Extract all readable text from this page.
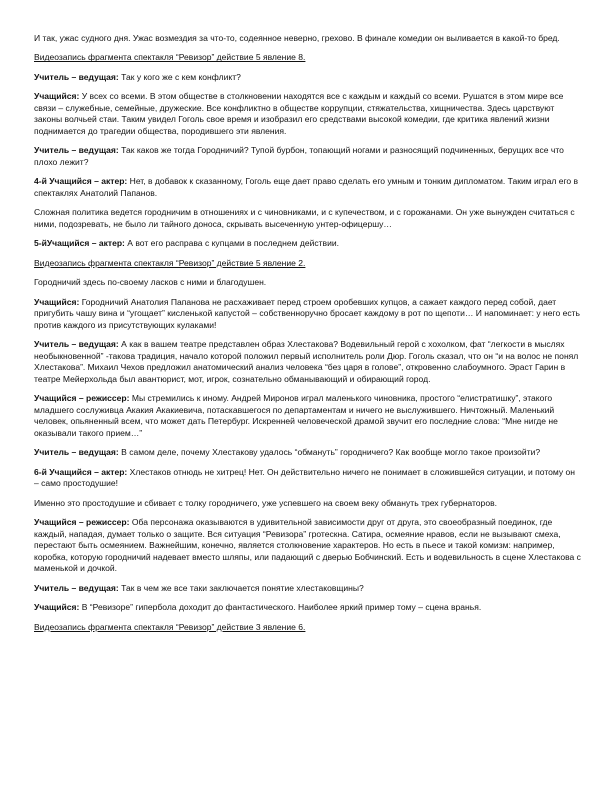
И так, ужас судного дня. Ужас возмездия за что-то, содеянное неверно, грехово. В финале комедии он выливается в какой-то бред.

Видеозапись фрагмента спектакля “Ревизор” действие 5 явление 8.

Учитель – ведущая: Так у кого же с кем конфликт?

Учащийся: У всех со всеми. В этом обществе в столкновении находятся все с каждым и каждый со всеми. Рушатся в этом мире все связи – служебные, семейные, дружеские. Все конфликтно в обществе коррупции, стяжательства, хищничества. Здесь царствуют законы волчьей стаи. Таким увидел Гоголь свое время и изобразил его средствами высокой комедии, где критика явлений жизни поднимается до трагедии общества, породившего эти явления.

Учитель – ведущая: Так каков же тогда Городничий? Тупой бурбон, топающий ногами и разносящий подчиненных, берущих все что плохо лежит?

4-й Учащийся – актер: Нет, в добавок к сказанному, Гоголь еще дает право сделать его умным и тонким дипломатом. Таким играл его в спектаклях Анатолий Папанов.

Сложная политика ведется городничим в отношениях и с чиновниками, и с купечеством, и с горожанами. Он уже вынужден считаться с ними, подозревать, не было ли тайного доноса, скрывать высеченную унтер-офицершу…

5-йУчащийся – актер: А вот его расправа с купцами в последнем действии.

Видеозапись фрагмента спектакля “Ревизор” действие 5 явление 2.

Городничий здесь по-своему ласков с ними и благодушен.

Учащийся: Городничий Анатолия Папанова не расхаживает перед строем оробевших купцов, а сажает каждого перед собой, дает пригубить чашу вина и “угощает” кисленькой капустой – собственноручно бросает каждому в рот по щепоти… И напоминает: у него есть против каждого из присутствующих кулаками!

Учитель – ведущая: А как в вашем театре представлен образ Хлестакова? Водевильный герой с хохолком, фат “легкости в мыслях необыкновенной” -такова традиция, начало которой положил первый исполнитель роли Дюр. Гоголь сказал, что он “и на волос не понял Хлестакова”. Михаил Чехов предложил анатомический анализ человека “без царя в голове”, откровенно слабоумного. Эраст Гарин в театре Мейерхольда был авантюрист, мот, игрок, сознательно обманывающий и обирающий город.

Учащийся – режиссер: Мы стремились к иному. Андрей Миронов играл маленького чиновника, простого “елистратишку”, этакого младшего сослуживца Акакия Акакиевича, потаскавшегося по департаментам и ничего не выслужившего. Ничтожный. Маленький человек, опьяненный всем, что может дать Петербург. Искренней человеческой драмой звучит его последние слова: “Мне нигде не оказывали такого прием…”

Учитель – ведущая: В самом деле, почему Хлестакову удалось “обмануть” городничего? Как вообще могло такое произойти?

6-й Учащийся – актер: Хлестаков отнюдь не хитрец! Нет. Он действительно ничего не понимает в сложившейся ситуации, и потому он – само простодушие!

Именно это простодушие и сбивает с толку городничего, уже успевшего на своем веку обмануть трех губернаторов.

Учащийся – режиссер: Оба персонажа оказываются в удивительной зависимости друг от друга, это своеобразный поединок, где каждый, нападая, думает только о защите. Вся ситуация “Ревизора” гротескна. Сатира, осмеяние нравов, если не вызывают смеха, перестают быть осмеянием. Важнейшим, конечно, является столкновение характеров. Но есть в пьесе и такой комизм: например, коробка, которую городничий надевает вместо шляпы, или падающий с дверью Бобчинский. Есть и водевильность в сцене Хлестакова с маменькой и дочкой.

Учитель – ведущая: Так в чем же все таки заключается понятие хлестаковщины?

Учащийся: В “Ревизоре” гипербола доходит до фантастического. Наиболее яркий пример тому – сцена вранья.

Видеозапись фрагмента спектакля “Ревизор” действие 3 явление 6.
